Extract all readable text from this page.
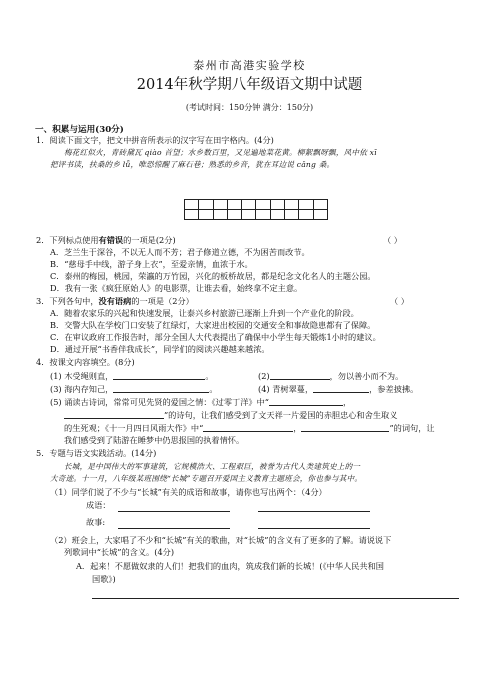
泰州市高港实验学校
2014年秋学期八年级语文期中试题
(考试时间：150分钟 满分：150分)
一、积累与运用(30分)
1．阅读下面文字，把文中拼音所表示的汉字写在田字格内。(4分)
梅花红似火，青砖黛瓦 qiào 首望；水乡数百里，又见遍地菜花黄。柳絮飘呀飘，风中依 xī
把评书读，扶桑的乡 lǚ，唯恐惊醒了麻石巷；熟悉的乡音，犹在耳边说 cǎng 桑。

2．下列标点使用有错误的一项是(2分)	（ ）
A．芝兰生于深谷，不以无人而不芳；君子修道立德，不为困苦而改节。
B．“慈母手中线，游子身上衣”，至爱亲情，血浓于水。
C．泰州的梅园，桃园，荣瀛的万竹园，兴化的板桥故居，都是纪念文化名人的主题公园。
D．我有一张《疯狂原始人》的电影票，让谁去看，始终拿不定主意。
3．下列各句中，没有语病的一项是（2分）	（ ）
A．随着农家乐的兴起和快速发展，让泰兴乡村旅游已逐渐上升到一个产业化的阶段。
B．交警大队在学校门口安装了红绿灯，大家进出校园的交通安全和事故隐患都有了保障。
C．在审议政府工作报告时，部分全国人大代表提出了确保中小学生每天锻炼1小时的建议。
D．通过开展“书香伴我成长”，同学们的阅读兴趣越来越浓。
4．按课文内容填空。(8分)
(1) 木受绳则直，	。	(2)	，勿以善小而不为。
(3) 海内存知己，	。	(4) 青树翠蔓，	，参差披拂。
(5) 诵读古诗词，常常可见先贤的爱国之情：《过零丁洋》中“	，
”的诗句，让我们感受到了文天祥一片爱国的赤胆忠心和舍生取义
的生死观；《十一月四日风雨大作》中“	，	”的词句，让
我们感受到了陆游在睡梦中仍思报国的执着情怀。
5．专题与语文实践活动。(14分)
长城，是中国伟大的军事建筑，它规模浩大、工程艰巨，被誉为古代人类建筑史上的一
大奇迹。十一月，八年级某班围绕“长城”专题召开爱国主义教育主题班会，你也参与其中。
（1）同学们说了不少与“长城”有关的成语和故事，请你也写出两个：（4分）
成语：
故事:
（2）班会上，大家唱了不少和“长城”有关的歌曲，对“长城”的含义有了更多的了解。请说说下
列歌词中“长城”的含义。(4分)
A．起来！不愿做奴隶的人们！把我们的血肉，筑成我们新的长城！(《中华人民共和国
国歌》)
